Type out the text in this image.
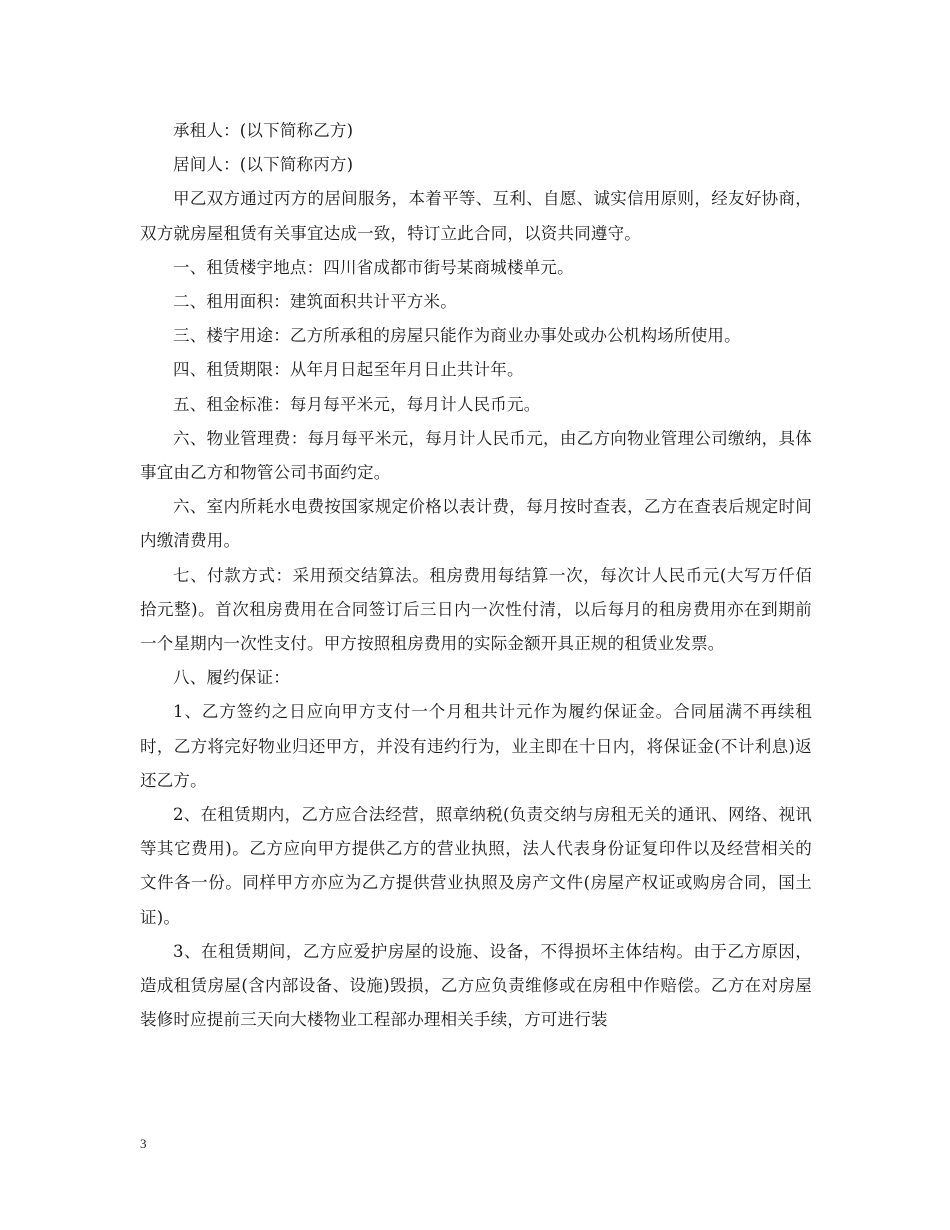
承租人：(以下简称乙方)

居间人：(以下简称丙方)

甲乙双方通过丙方的居间服务，本着平等、互利、自愿、诚实信用原则，经友好协商，双方就房屋租赁有关事宜达成一致，特订立此合同，以资共同遵守。

一、租赁楼宇地点：四川省成都市街号某商城楼单元。

二、租用面积：建筑面积共计平方米。

三、楼宇用途：乙方所承租的房屋只能作为商业办事处或办公机构场所使用。

四、租赁期限：从年月日起至年月日止共计年。

五、租金标准：每月每平米元，每月计人民币元。

六、物业管理费：每月每平米元，每月计人民币元，由乙方向物业管理公司缴纳，具体事宜由乙方和物管公司书面约定。

六、室内所耗水电费按国家规定价格以表计费，每月按时查表，乙方在查表后规定时间内缴清费用。

七、付款方式：采用预交结算法。租房费用每结算一次，每次计人民币元(大写万仟佰拾元整)。首次租房费用在合同签订后三日内一次性付清，以后每月的租房费用亦在到期前一个星期内一次性支付。甲方按照租房费用的实际金额开具正规的租赁业发票。

八、履约保证：

1、乙方签约之日应向甲方支付一个月租共计元作为履约保证金。合同届满不再续租时，乙方将完好物业归还甲方，并没有违约行为，业主即在十日内，将保证金(不计利息)返还乙方。

2、在租赁期内，乙方应合法经营，照章纳税(负责交纳与房租无关的通讯、网络、视讯等其它费用)。乙方应向甲方提供乙方的营业执照，法人代表身份证复印件以及经营相关的文件各一份。同样甲方亦应为乙方提供营业执照及房产文件(房屋产权证或购房合同，国土证)。

3、在租赁期间，乙方应爱护房屋的设施、设备，不得损坏主体结构。由于乙方原因，造成租赁房屋(含内部设备、设施)毁损，乙方应负责维修或在房租中作赔偿。乙方在对房屋装修时应提前三天向大楼物业工程部办理相关手续，方可进行装

3
